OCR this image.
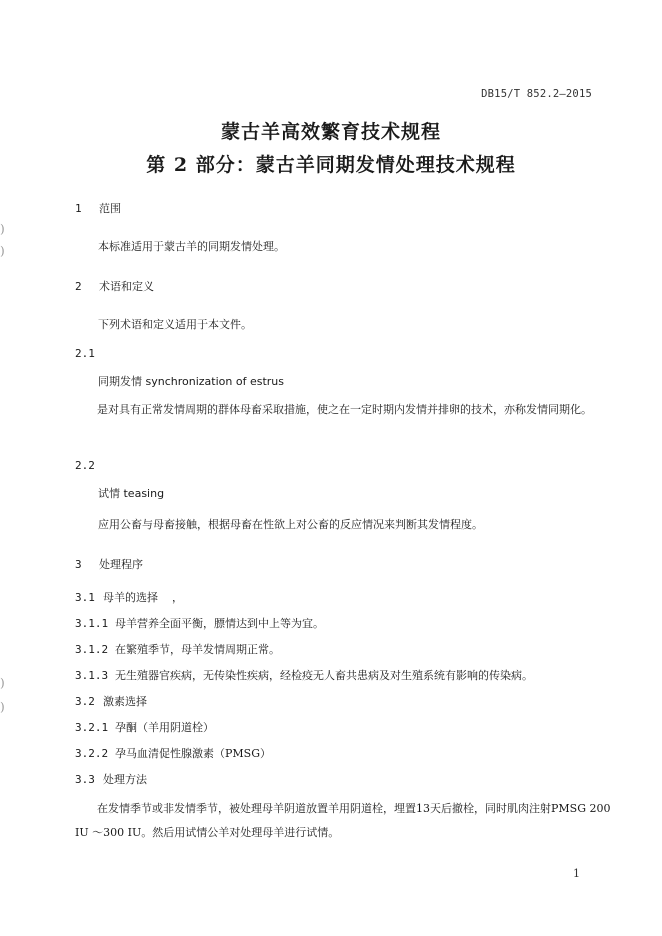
DB15/T 852.2—2015
蒙古羊高效繁育技术规程
第 2 部分：蒙古羊同期发情处理技术规程
)
)
)
)
1 范围
本标准适用于蒙古羊的同期发情处理。
2 术语和定义
下列术语和定义适用于本文件。
2.1
同期发情 synchronization of estrus
是对具有正常发情周期的群体母畜采取措施，使之在一定时期内发情并排卵的技术，亦称发情同期化。
2.2
试情 teasing
应用公畜与母畜接触，根据母畜在性欲上对公畜的反应情况来判断其发情程度。
3 处理程序
3.1 母羊的选择 ，
3.1.1 母羊营养全面平衡，膘情达到中上等为宜。
3.1.2 在繁殖季节，母羊发情周期正常。
3.1.3 无生殖器官疾病，无传染性疾病，经检疫无人畜共患病及对生殖系统有影响的传染病。
3.2 激素选择
3.2.1 孕酮（羊用阴道栓）
3.2.2 孕马血清促性腺激素（PMSG）
3.3 处理方法
在发情季节或非发情季节，被处理母羊阴道放置羊用阴道栓，埋置13天后撤栓，同时肌肉注射PMSG 200 IU ～300 IU。然后用试情公羊对处理母羊进行试情。
1
